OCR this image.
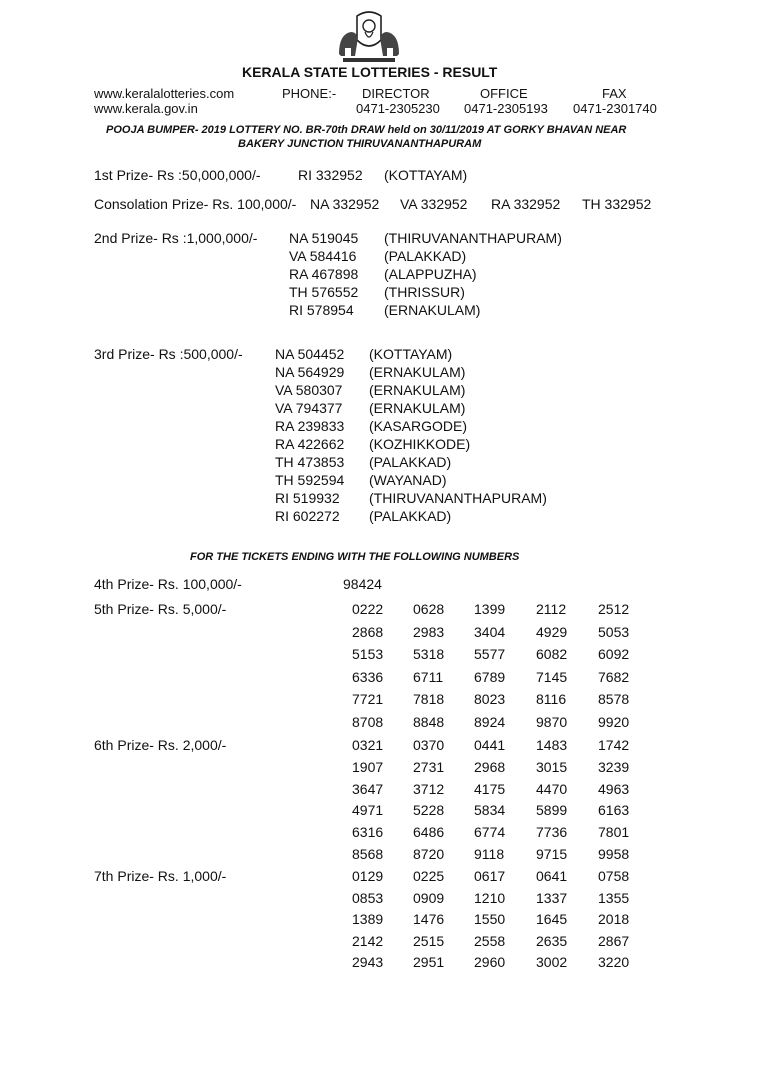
KERALA STATE LOTTERIES - RESULT
www.keralalotteries.com
www.kerala.gov.in
PHONE:- DIRECTOR
0471-2305230
OFFICE
0471-2305193
FAX
0471-2301740
POOJA BUMPER- 2019 LOTTERY NO. BR-70th DRAW held on 30/11/2019 AT GORKY BHAVAN NEAR
BAKERY JUNCTION THIRUVANANTHAPURAM
1st Prize- Rs :50,000,000/-	RI 332952 (KOTTAYAM)
Consolation Prize- Rs. 100,000/- NA 332952 VA 332952 RA 332952 TH 332952
2nd Prize- Rs :1,000,000/- NA 519045 (THIRUVANANTHAPURAM)
VA 584416 (PALAKKAD)
RA 467898 (ALAPPUZHA)
TH 576552 (THRISSUR)
RI 578954 (ERNAKULAM)
3rd Prize- Rs :500,000/- NA 504452 (KOTTAYAM)
NA 564929 (ERNAKULAM)
VA 580307 (ERNAKULAM)
VA 794377 (ERNAKULAM)
RA 239833 (KASARGODE)
RA 422662 (KOZHIKKODE)
TH 473853 (PALAKKAD)
TH 592594 (WAYANAD)
RI 519932 (THIRUVANANTHAPURAM)
RI 602272 (PALAKKAD)
FOR THE TICKETS ENDING WITH THE FOLLOWING NUMBERS
4th Prize- Rs. 100,000/-	98424
5th Prize- Rs. 5,000/-
6th Prize- Rs. 2,000/-
7th Prize- Rs. 1,000/-
0222 0628 1399 2112 2512
2868 2983 3404 4929 5053
5153 5318 5577 6082 6092
6336 6711 6789 7145 7682
7721 7818 8023 8116 8578
8708 8848 8924 9870 9920
0321 0370 0441 1483 1742
1907 2731 2968 3015 3239
3647 3712 4175 4470 4963
4971 5228 5834 5899 6163
6316 6486 6774 7736 7801
8568 8720 9118 9715 9958
0129 0225 0617 0641 0758
0853 0909 1210 1337 1355
1389 1476 1550 1645 2018
2142 2515 2558 2635 2867
2943 2951 2960 3002 3220
